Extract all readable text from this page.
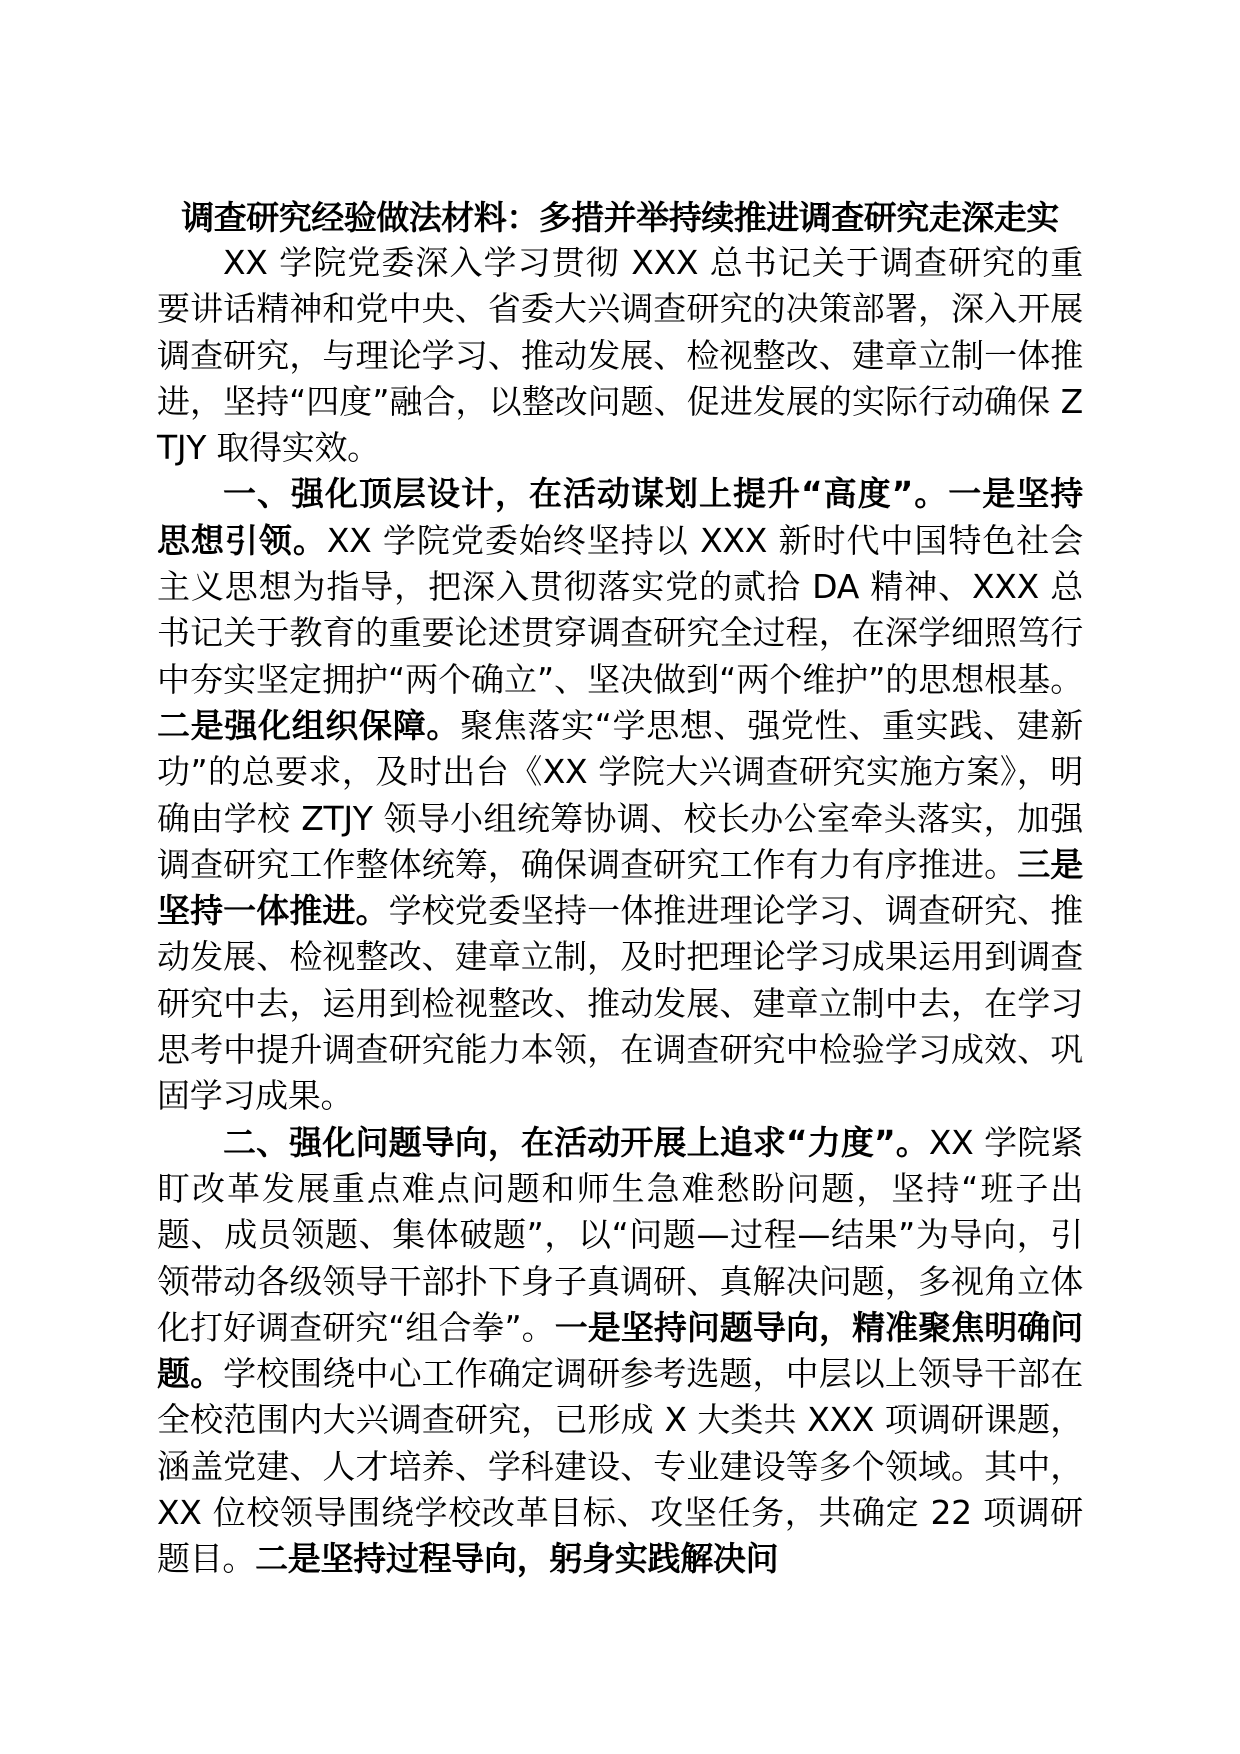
调查研究经验做法材料：多措并举持续推进调查研究走深走实

XX 学院党委深入学习贯彻 XXX 总书记关于调查研究的重要讲话精神和党中央、省委大兴调查研究的决策部署，深入开展调查研究，与理论学习、推动发展、检视整改、建章立制一体推进，坚持“四度”融合，以整改问题、促进发展的实际行动确保 ZTJY 取得实效。

一、强化顶层设计，在活动谋划上提升“高度”。一是坚持思想引领。XX 学院党委始终坚持以 XXX 新时代中国特色社会主义思想为指导，把深入贯彻落实党的贰拾 DA 精神、XXX 总书记关于教育的重要论述贯穿调查研究全过程，在深学细照笃行中夯实坚定拥护“两个确立”、坚决做到“两个维护”的思想根基。二是强化组织保障。聚焦落实“学思想、强党性、重实践、建新功”的总要求，及时出台《XX 学院大兴调查研究实施方案》，明确由学校 ZTJY 领导小组统筹协调、校长办公室牵头落实，加强调查研究工作整体统筹，确保调查研究工作有力有序推进。三是坚持一体推进。学校党委坚持一体推进理论学习、调查研究、推动发展、检视整改、建章立制，及时把理论学习成果运用到调查研究中去，运用到检视整改、推动发展、建章立制中去，在学习思考中提升调查研究能力本领，在调查研究中检验学习成效、巩固学习成果。

二、强化问题导向，在活动开展上追求“力度”。XX 学院紧盯改革发展重点难点问题和师生急难愁盼问题，坚持“班子出题、成员领题、集体破题”，以“问题—过程—结果”为导向，引领带动各级领导干部扑下身子真调研、真解决问题，多视角立体化打好调查研究“组合拳”。一是坚持问题导向，精准聚焦明确问题。学校围绕中心工作确定调研参考选题，中层以上领导干部在全校范围内大兴调查研究，已形成 X 大类共 XXX 项调研课题，涵盖党建、人才培养、学科建设、专业建设等多个领域。其中，XX 位校领导围绕学校改革目标、攻坚任务，共确定 22 项调研题目。二是坚持过程导向，躬身实践解决问
